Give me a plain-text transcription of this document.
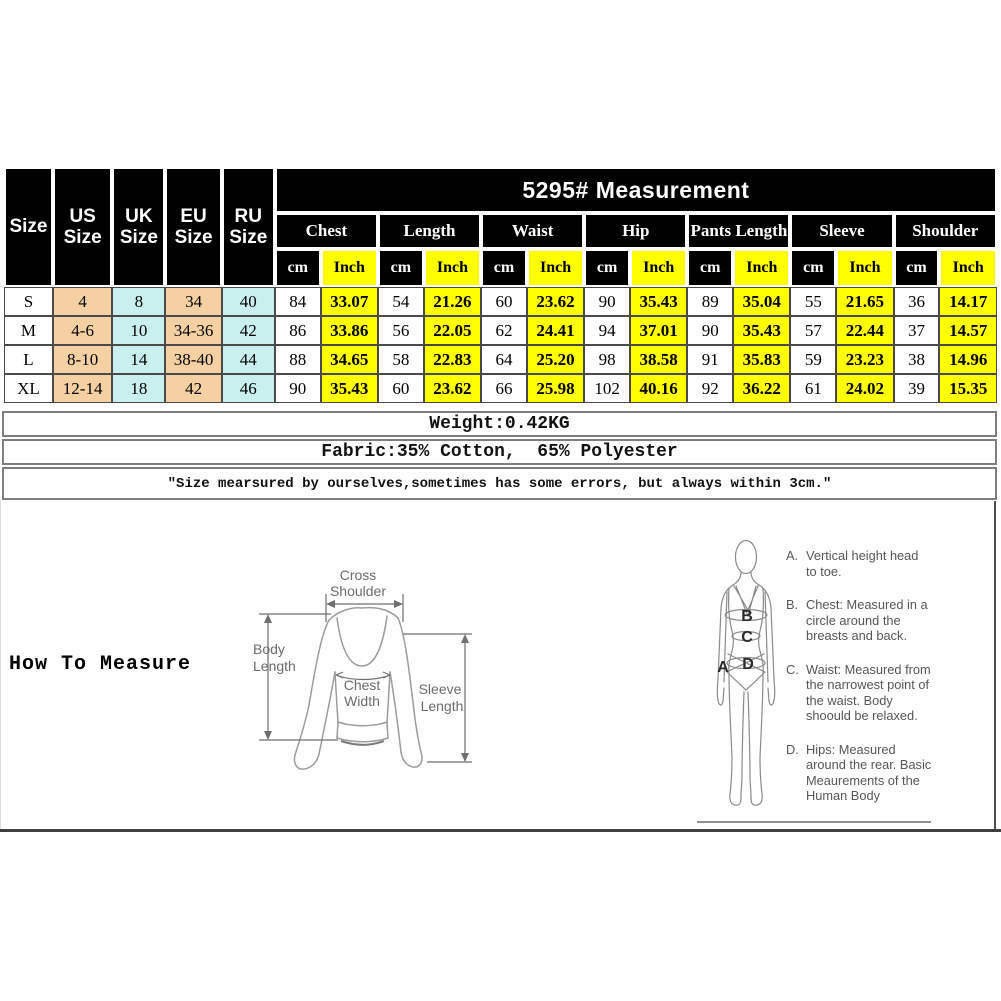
Size	US Size	UK Size	EU Size	RU Size	5295# Measurement													
					Chest		Length		Waist		Hip		Pants Length		Sleeve		Shoulder	
					cm	Inch	cm	Inch	cm	Inch	cm	Inch	cm	Inch	cm	Inch	cm	Inch
S	4	8	34	40	84	33.07	54	21.26	60	23.62	90	35.43	89	35.04	55	21.65	36	14.17
M	4-6	10	34-36	42	86	33.86	56	22.05	62	24.41	94	37.01	90	35.43	57	22.44	37	14.57
L	8-10	14	38-40	44	88	34.65	58	22.83	64	25.20	98	38.58	91	35.83	59	23.23	38	14.96
XL	12-14	18	42	46	90	35.43	60	23.62	66	25.98	102	40.16	92	36.22	61	24.02	39	15.35
Weight:0.42KG
Fabric:35% Cotton,  65% Polyester
″Size mearsured by ourselves,sometimes has some errors, but always within 3cm.″
How To Measure
Cross
Shoulder
Body
Length
Chest
Width
Sleeve
Length
A
B
C
D
A. Vertical height head to toe.
B. Chest: Measured in a circle around the breasts and back.
C. Waist: Measured from the narrowest point of the waist. Body shoould be relaxed.
D. Hips: Measured around the rear. Basic Meaurements of the Human Body
